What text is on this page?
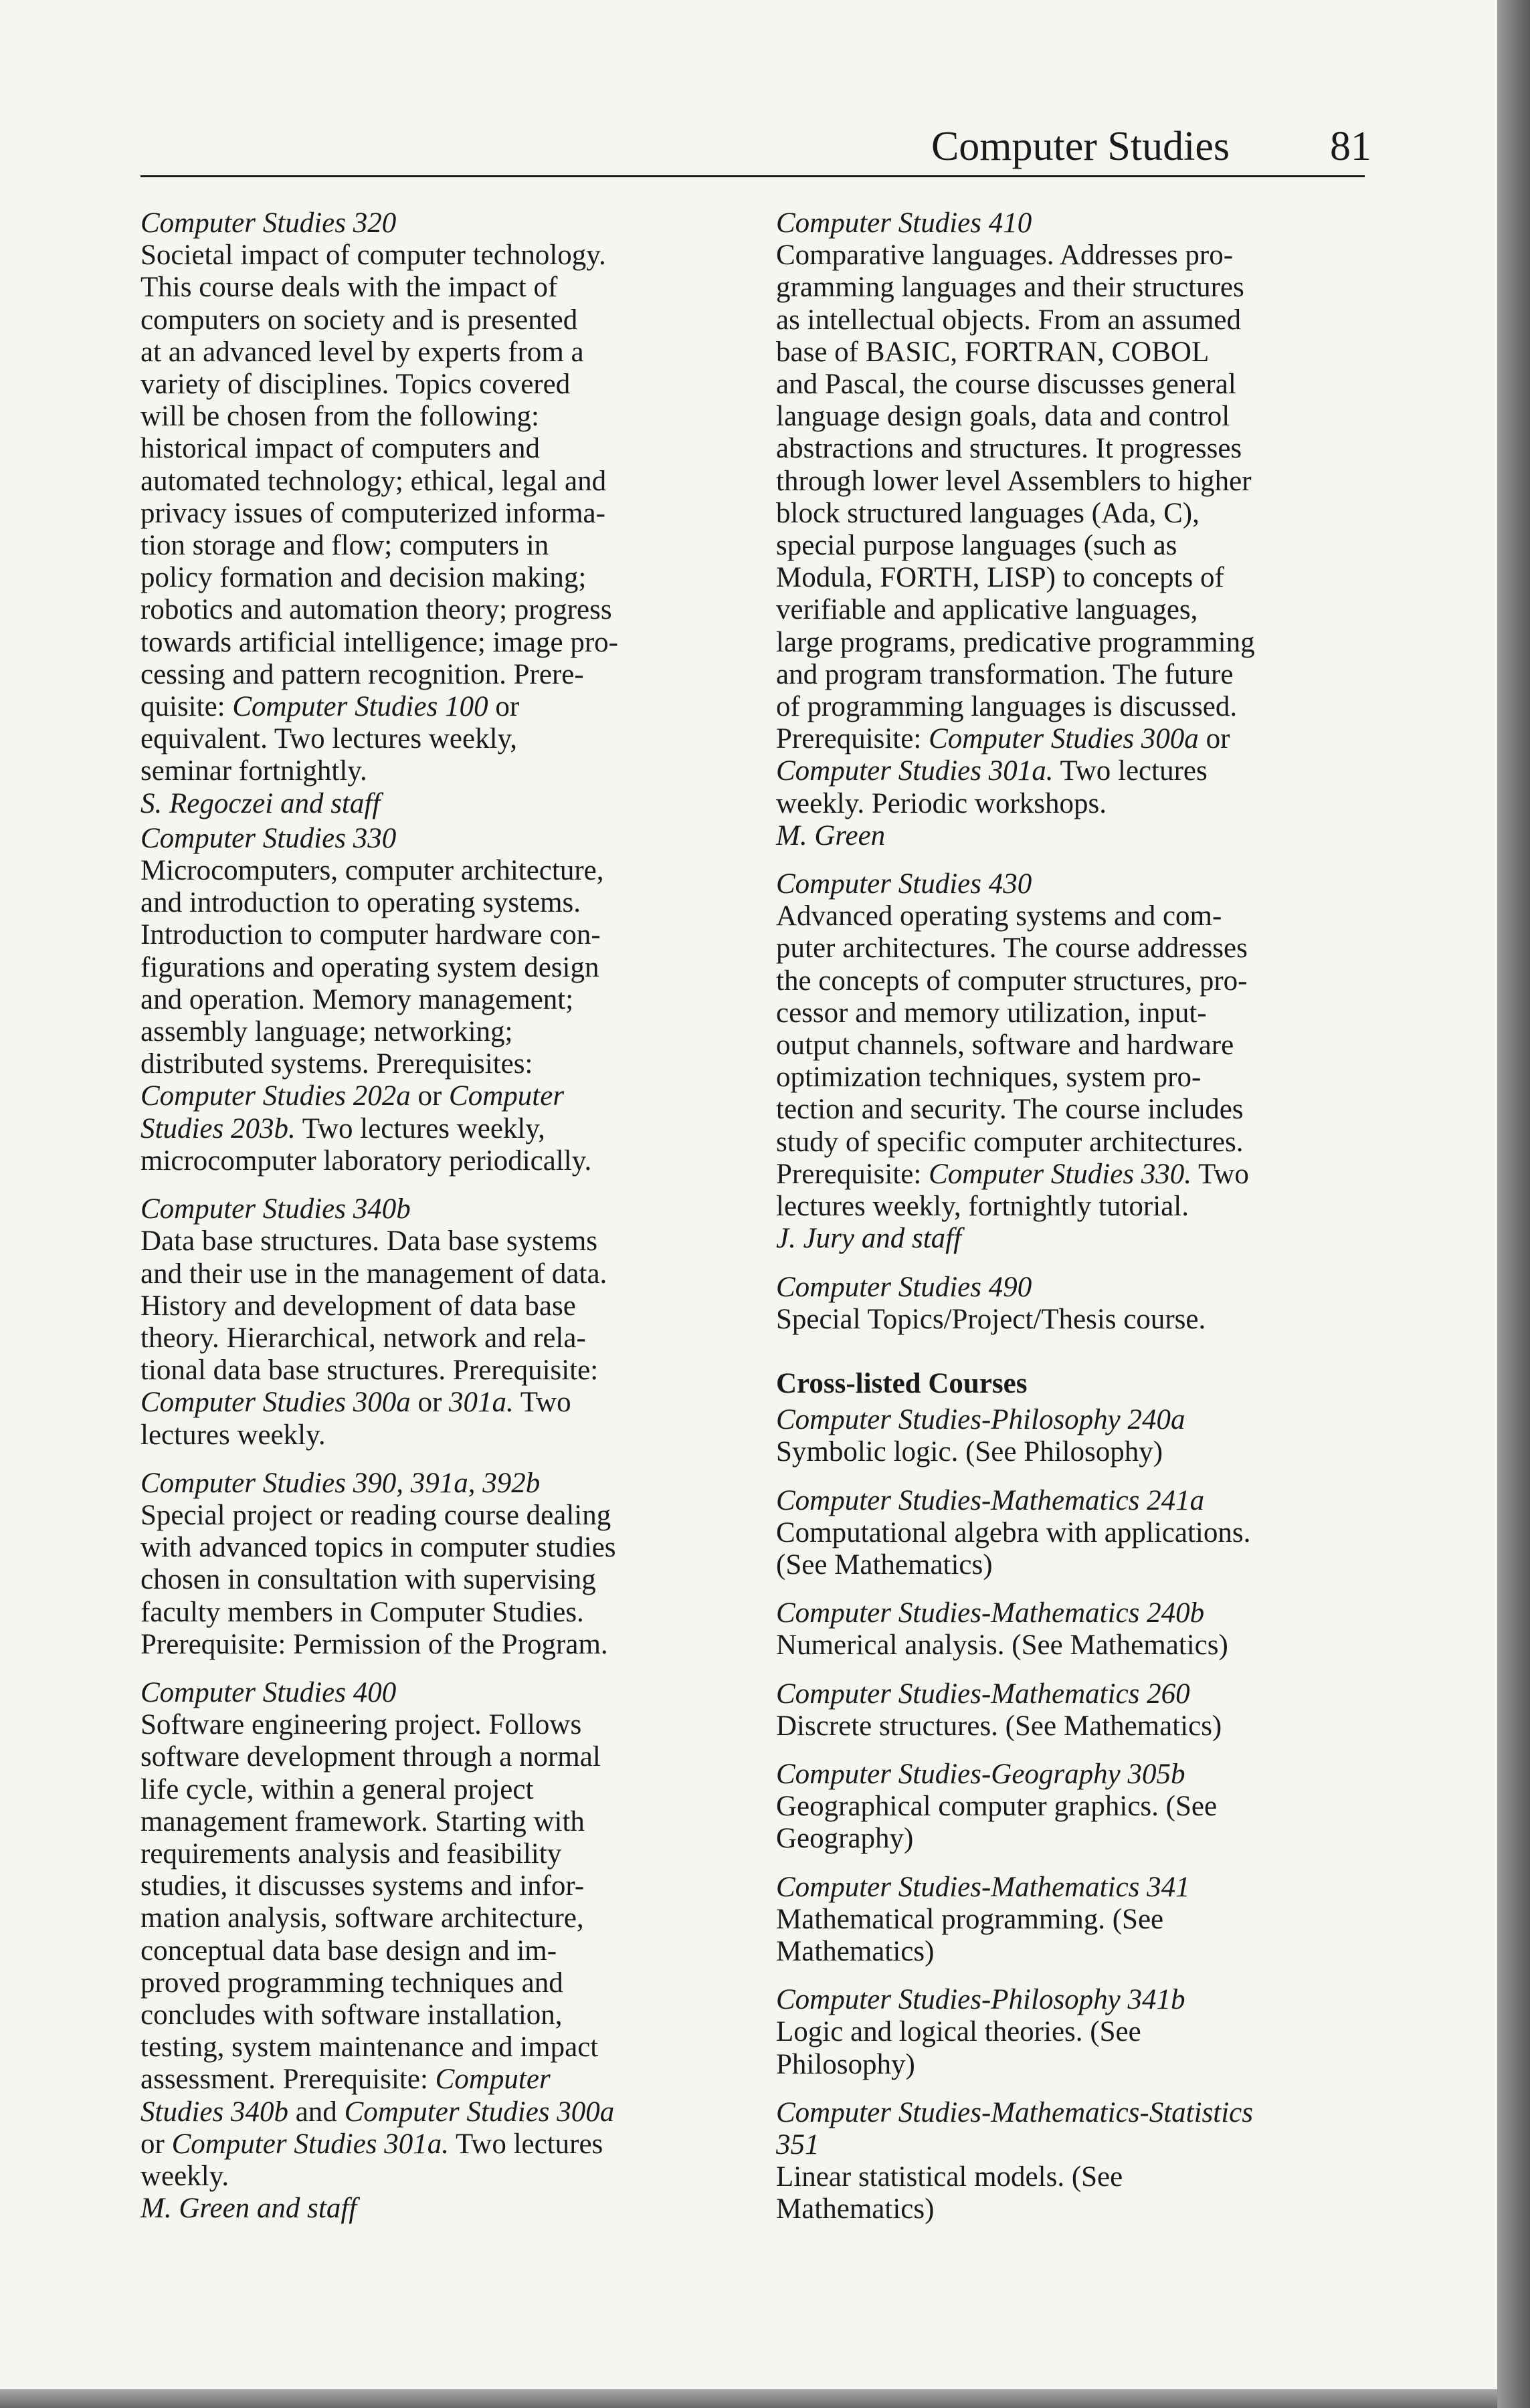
Computer Studies 81
Computer Studies 320
Societal impact of computer technology.
This course deals with the impact of
computers on society and is presented
at an advanced level by experts from a
variety of disciplines. Topics covered
will be chosen from the following:
historical impact of computers and
automated technology; ethical, legal and
privacy issues of computerized informa-
tion storage and flow; computers in
policy formation and decision making;
robotics and automation theory; progress
towards artificial intelligence; image pro-
cessing and pattern recognition. Prere-
quisite: Computer Studies 100 or
equivalent. Two lectures weekly,
seminar fortnightly.
S. Regoczei and staff
Computer Studies 330
Microcomputers, computer architecture,
and introduction to operating systems.
Introduction to computer hardware con-
figurations and operating system design
and operation. Memory management;
assembly language; networking;
distributed systems. Prerequisites:
Computer Studies 202a or Computer
Studies 203b. Two lectures weekly,
microcomputer laboratory periodically.
Computer Studies 340b
Data base structures. Data base systems
and their use in the management of data.
History and development of data base
theory. Hierarchical, network and rela-
tional data base structures. Prerequisite:
Computer Studies 300a or 301a. Two
lectures weekly.
Computer Studies 390, 391a, 392b
Special project or reading course dealing
with advanced topics in computer studies
chosen in consultation with supervising
faculty members in Computer Studies.
Prerequisite: Permission of the Program.
Computer Studies 400
Software engineering project. Follows
software development through a normal
life cycle, within a general project
management framework. Starting with
requirements analysis and feasibility
studies, it discusses systems and infor-
mation analysis, software architecture,
conceptual data base design and im-
proved programming techniques and
concludes with software installation,
testing, system maintenance and impact
assessment. Prerequisite: Computer
Studies 340b and Computer Studies 300a
or Computer Studies 301a. Two lectures
weekly.
M. Green and staff
Computer Studies 410
Comparative languages. Addresses pro-
gramming languages and their structures
as intellectual objects. From an assumed
base of BASIC, FORTRAN, COBOL
and Pascal, the course discusses general
language design goals, data and control
abstractions and structures. It progresses
through lower level Assemblers to higher
block structured languages (Ada, C),
special purpose languages (such as
Modula, FORTH, LISP) to concepts of
verifiable and applicative languages,
large programs, predicative programming
and program transformation. The future
of programming languages is discussed.
Prerequisite: Computer Studies 300a or
Computer Studies 301a. Two lectures
weekly. Periodic workshops.
M. Green
Computer Studies 430
Advanced operating systems and com-
puter architectures. The course addresses
the concepts of computer structures, pro-
cessor and memory utilization, input-
output channels, software and hardware
optimization techniques, system pro-
tection and security. The course includes
study of specific computer architectures.
Prerequisite: Computer Studies 330. Two
lectures weekly, fortnightly tutorial.
J. Jury and staff
Computer Studies 490
Special Topics/Project/Thesis course.
Cross-listed Courses
Computer Studies-Philosophy 240a
Symbolic logic. (See Philosophy)
Computer Studies-Mathematics 241a
Computational algebra with applications.
(See Mathematics)
Computer Studies-Mathematics 240b
Numerical analysis. (See Mathematics)
Computer Studies-Mathematics 260
Discrete structures. (See Mathematics)
Computer Studies-Geography 305b
Geographical computer graphics. (See
Geography)
Computer Studies-Mathematics 341
Mathematical programming. (See
Mathematics)
Computer Studies-Philosophy 341b
Logic and logical theories. (See
Philosophy)
Computer Studies-Mathematics-Statistics
351
Linear statistical models. (See
Mathematics)
